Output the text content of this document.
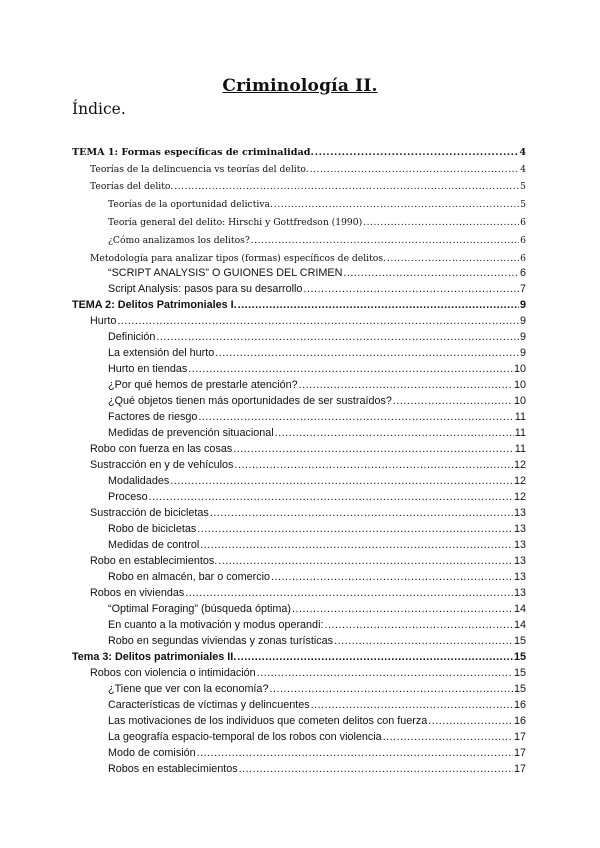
Criminología II.
Índice.
TEMA 1: Formas específicas de criminalidad. .....	4
Teorías de la delincuencia vs teorías del delito. .....	4
Teorías del delito. .....	5
Teorías de la oportunidad delictiva. .....	5
Teoría general del delito: Hirschi y Gottfredson (1990) .....	6
¿Cómo analizamos los delitos? .....	6
Metodología para analizar tipos (formas) específicos de delitos. .....	6
“SCRIPT ANALYSIS” O GUIONES DEL CRIMEN .....	6
Script Analysis: pasos para su desarrollo .....	7
TEMA 2: Delitos Patrimoniales I. .....	9
Hurto .....	9
Definición .....	9
La extensión del hurto .....	9
Hurto en tiendas .....	10
¿Por qué hemos de prestarle atención? .....	10
¿Qué objetos tienen más oportunidades de ser sustraídos? .....	10
Factores de riesgo .....	11
Medidas de prevención situacional .....	11
Robo con fuerza en las cosas .....	11
Sustracción en y de vehículos .....	12
Modalidades .....	12
Proceso .....	12
Sustracción de bicicletas .....	13
Robo de bicicletas .....	13
Medidas de control .....	13
Robo en establecimientos. .....	13
Robo en almacén, bar o comercio .....	13
Robos en viviendas .....	13
“Optimal Foraging” (búsqueda óptima) .....	14
En cuanto a la motivación y modus operandi: .....	14
Robo en segundas viviendas y zonas turísticas .....	15
Tema 3: Delitos patrimoniales II. .....	15
Robos con violencia o intimidación .....	15
¿Tiene que ver con la economía? .....	15
Características de víctimas y delincuentes .....	16
Las motivaciones de los individuos que cometen delitos con fuerza .....	16
La geografía espacio-temporal de los robos con violencia .....	17
Modo de comisión .....	17
Robos en establecimientos .....	17
